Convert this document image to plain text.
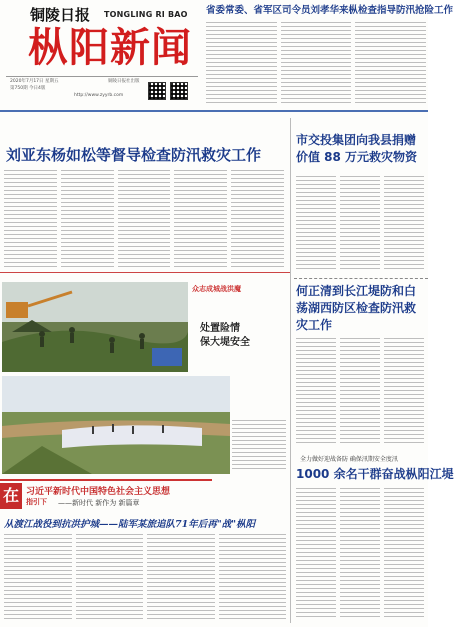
铜陵日报 TONGLING RI BAO
枞阳新闻
2020年7月17日 星期五
第750期 今日4版
铜陵日报社出版
http://www.zyyrb.com
省委常委、省军区司令员刘孝华来枞检查指导防汛抢险工作
刘亚东杨如松等督导检查防汛救灾工作
市交投集团向我县捐赠价值 88 万元救灾物资
何正清到长江堤防和白荡湖西防区检查防汛救灾工作
全力做好迎战备防 确保汛期安全度汛
1000 余名干群奋战枞阳江堤
众志成城战洪魔
处置险情
保大堤安全
在 习近平新时代中国特色社会主义思想
指引下 ——新时代 新作为 新篇章
从渡江战役到抗洪护城——陆军某旅追队71年后再"战"枞阳
